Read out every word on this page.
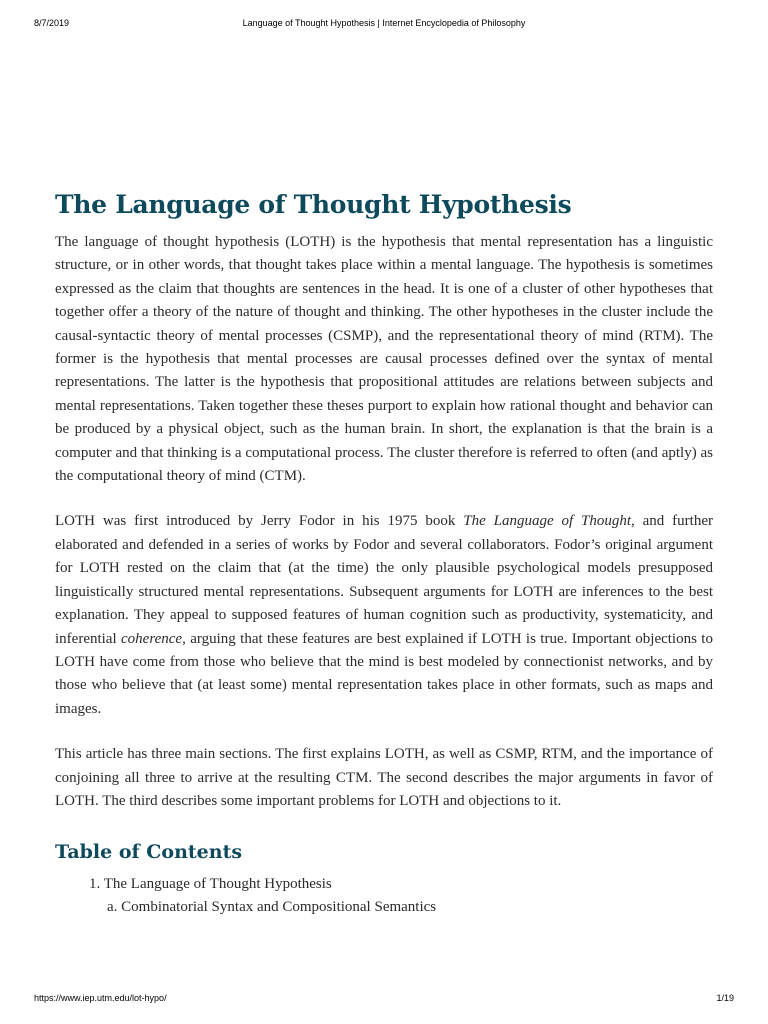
8/7/2019	Language of Thought Hypothesis | Internet Encyclopedia of Philosophy
The Language of Thought Hypothesis

The language of thought hypothesis (LOTH) is the hypothesis that mental representation has a linguistic structure, or in other words, that thought takes place within a mental language. The hypothesis is sometimes expressed as the claim that thoughts are sentences in the head. It is one of a cluster of other hypotheses that together offer a theory of the nature of thought and thinking. The other hypotheses in the cluster include the causal-syntactic theory of mental processes (CSMP), and the representational theory of mind (RTM). The former is the hypothesis that mental processes are causal processes defined over the syntax of mental representations. The latter is the hypothesis that propositional attitudes are relations between subjects and mental representations. Taken together these theses purport to explain how rational thought and behavior can be produced by a physical object, such as the human brain. In short, the explanation is that the brain is a computer and that thinking is a computational process. The cluster therefore is referred to often (and aptly) as the computational theory of mind (CTM).

LOTH was first introduced by Jerry Fodor in his 1975 book The Language of Thought, and further elaborated and defended in a series of works by Fodor and several collaborators. Fodor’s original argument for LOTH rested on the claim that (at the time) the only plausible psychological models presupposed linguistically structured mental representations. Subsequent arguments for LOTH are inferences to the best explanation. They appeal to supposed features of human cognition such as productivity, systematicity, and inferential coherence, arguing that these features are best explained if LOTH is true. Important objections to LOTH have come from those who believe that the mind is best modeled by connectionist networks, and by those who believe that (at least some) mental representation takes place in other formats, such as maps and images.

This article has three main sections. The first explains LOTH, as well as CSMP, RTM, and the importance of conjoining all three to arrive at the resulting CTM. The second describes the major arguments in favor of LOTH. The third describes some important problems for LOTH and objections to it.

Table of Contents
1. The Language of Thought Hypothesis
a. Combinatorial Syntax and Compositional Semantics
https://www.iep.utm.edu/lot-hypo/	1/19
